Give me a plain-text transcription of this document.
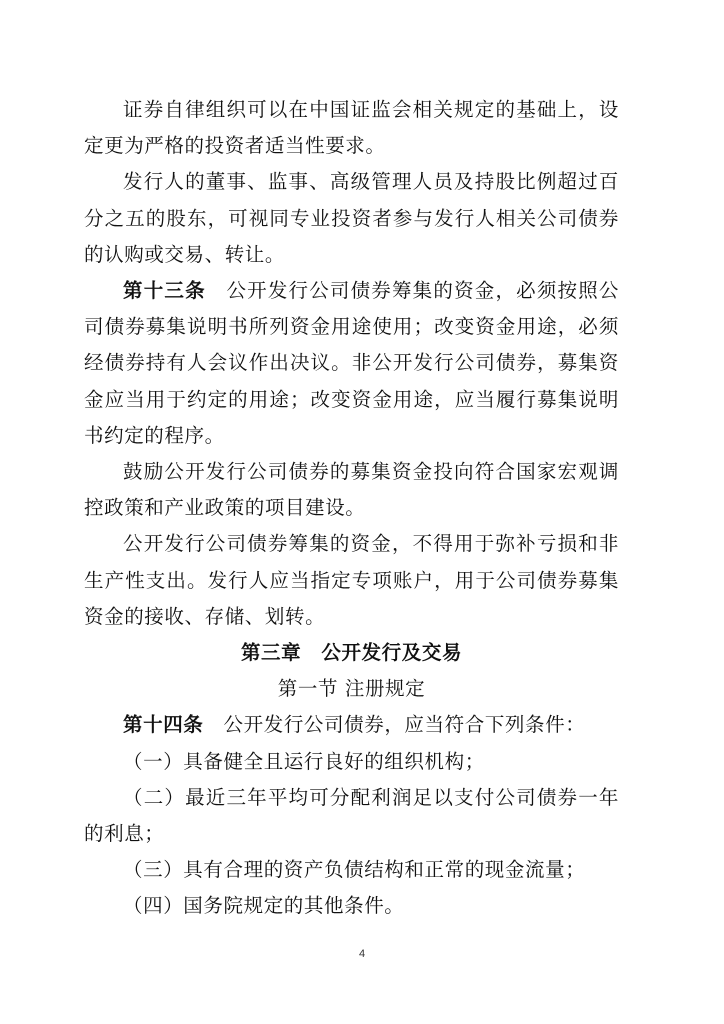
证券自律组织可以在中国证监会相关规定的基础上，设定更为严格的投资者适当性要求。

发行人的董事、监事、高级管理人员及持股比例超过百分之五的股东，可视同专业投资者参与发行人相关公司债券的认购或交易、转让。

第十三条　 公开发行公司债券筹集的资金，必须按照公司债券募集说明书所列资金用途使用；改变资金用途，必须经债券持有人会议作出决议。非公开发行公司债券，募集资金应当用于约定的用途；改变资金用途，应当履行募集说明书约定的程序。

鼓励公开发行公司债券的募集资金投向符合国家宏观调控政策和产业政策的项目建设。

公开发行公司债券筹集的资金，不得用于弥补亏损和非生产性支出。发行人应当指定专项账户，用于公司债券募集资金的接收、存储、划转。

第三章　公开发行及交易

第一节 注册规定

第十四条　 公开发行公司债券，应当符合下列条件：

（一）具备健全且运行良好的组织机构；

（二）最近三年平均可分配利润足以支付公司债券一年的利息；

（三）具有合理的资产负债结构和正常的现金流量；

（四）国务院规定的其他条件。

4
